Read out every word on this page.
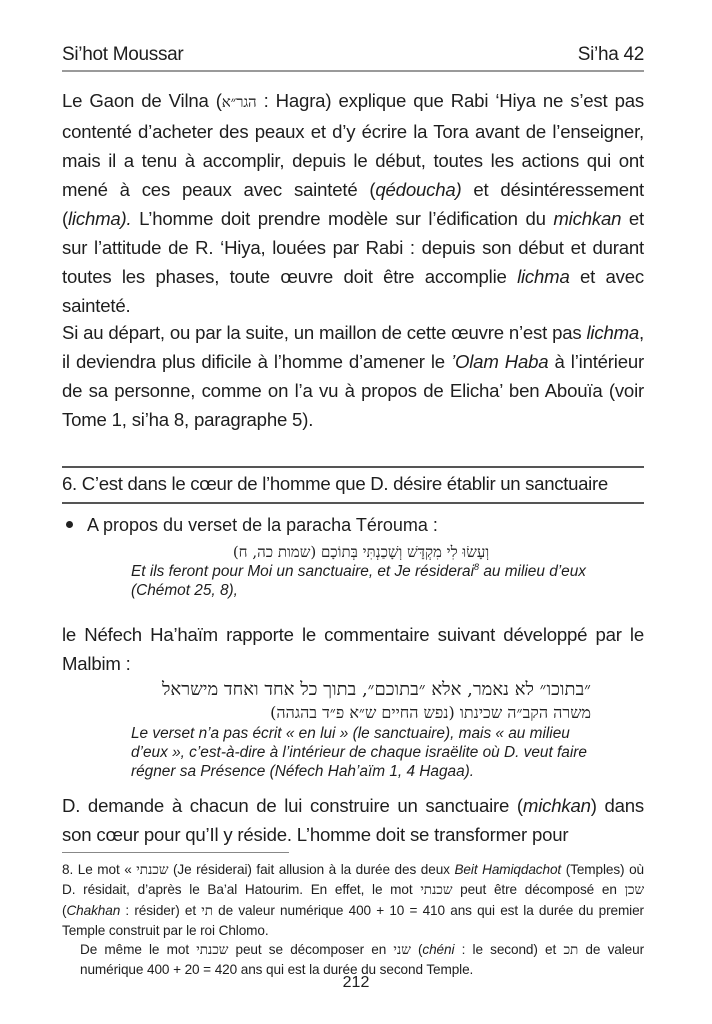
Si’hot Moussar	Si’ha 42

Le Gaon de Vilna (הגר״א : Hagra) explique que Rabi ‘Hiya ne s’est pas contenté d’acheter des peaux et d’y écrire la Tora avant de l’enseigner, mais il a tenu à accomplir, depuis le début, toutes les actions qui ont mené à ces peaux avec sainteté (qédoucha) et désintéressement (lichma). L’homme doit prendre modèle sur l’édification du michkan et sur l’attitude de R. ‘Hiya, louées par Rabi : depuis son début et durant toutes les phases, toute œuvre doit être accomplie lichma et avec sainteté.

Si au départ, ou par la suite, un maillon de cette œuvre n’est pas lichma, il deviendra plus dificile à l’homme d’amener le ’Olam Haba à l’intérieur de sa personne, comme on l’a vu à propos de Elicha’ ben Abouïa (voir Tome 1, si’ha 8, paragraphe 5).

6. C’est dans le cœur de l’homme que D. désire établir un sanctuaire
A propos du verset de la paracha Térouma :
וְעָשׂוּ לִי מִקְדָּשׁ וְשָׁכַנְתִּי בְּתוֹכָם (שמות כה, ח)
Et ils feront pour Moi un sanctuaire, et Je résiderai$^8$ au milieu d’eux (Chémot 25, 8),

le Néfech Ha’haïm rapporte le commentaire suivant développé par le Malbim :

״בתוכו״ לא נאמר, אלא ״בתוכם״, בתוך כל אחד ואחד מישראל
משרה הקב״ה שכינתו (נפש החיים ש״א פ״ד בהגהה)
Le verset n’a pas écrit « en lui » (le sanctuaire), mais « au milieu d’eux », c’est-à-dire à l’intérieur de chaque israëlite où D. veut faire régner sa Présence (Néfech Hah’aïm 1, 4 Hagaa).

D. demande à chacun de lui construire un sanctuaire (michkan) dans son cœur pour qu’Il y réside. L’homme doit se transformer pour

8. Le mot « שכנתי (Je résiderai) fait allusion à la durée des deux Beit Hamiqdachot (Temples) où D. résidait, d’après le Ba’al Hatourim. En effet, le mot שכנתי peut être décomposé en שכן (Chakhan : résider) et תי de valeur numérique 400 + 10 = 410 ans qui est la durée du premier Temple construit par le roi Chlomo.

De même le mot שכנתי peut se décomposer en שני (chéni : le second) et תכ de valeur numérique 400 + 20 = 420 ans qui est la durée du second Temple.

212
